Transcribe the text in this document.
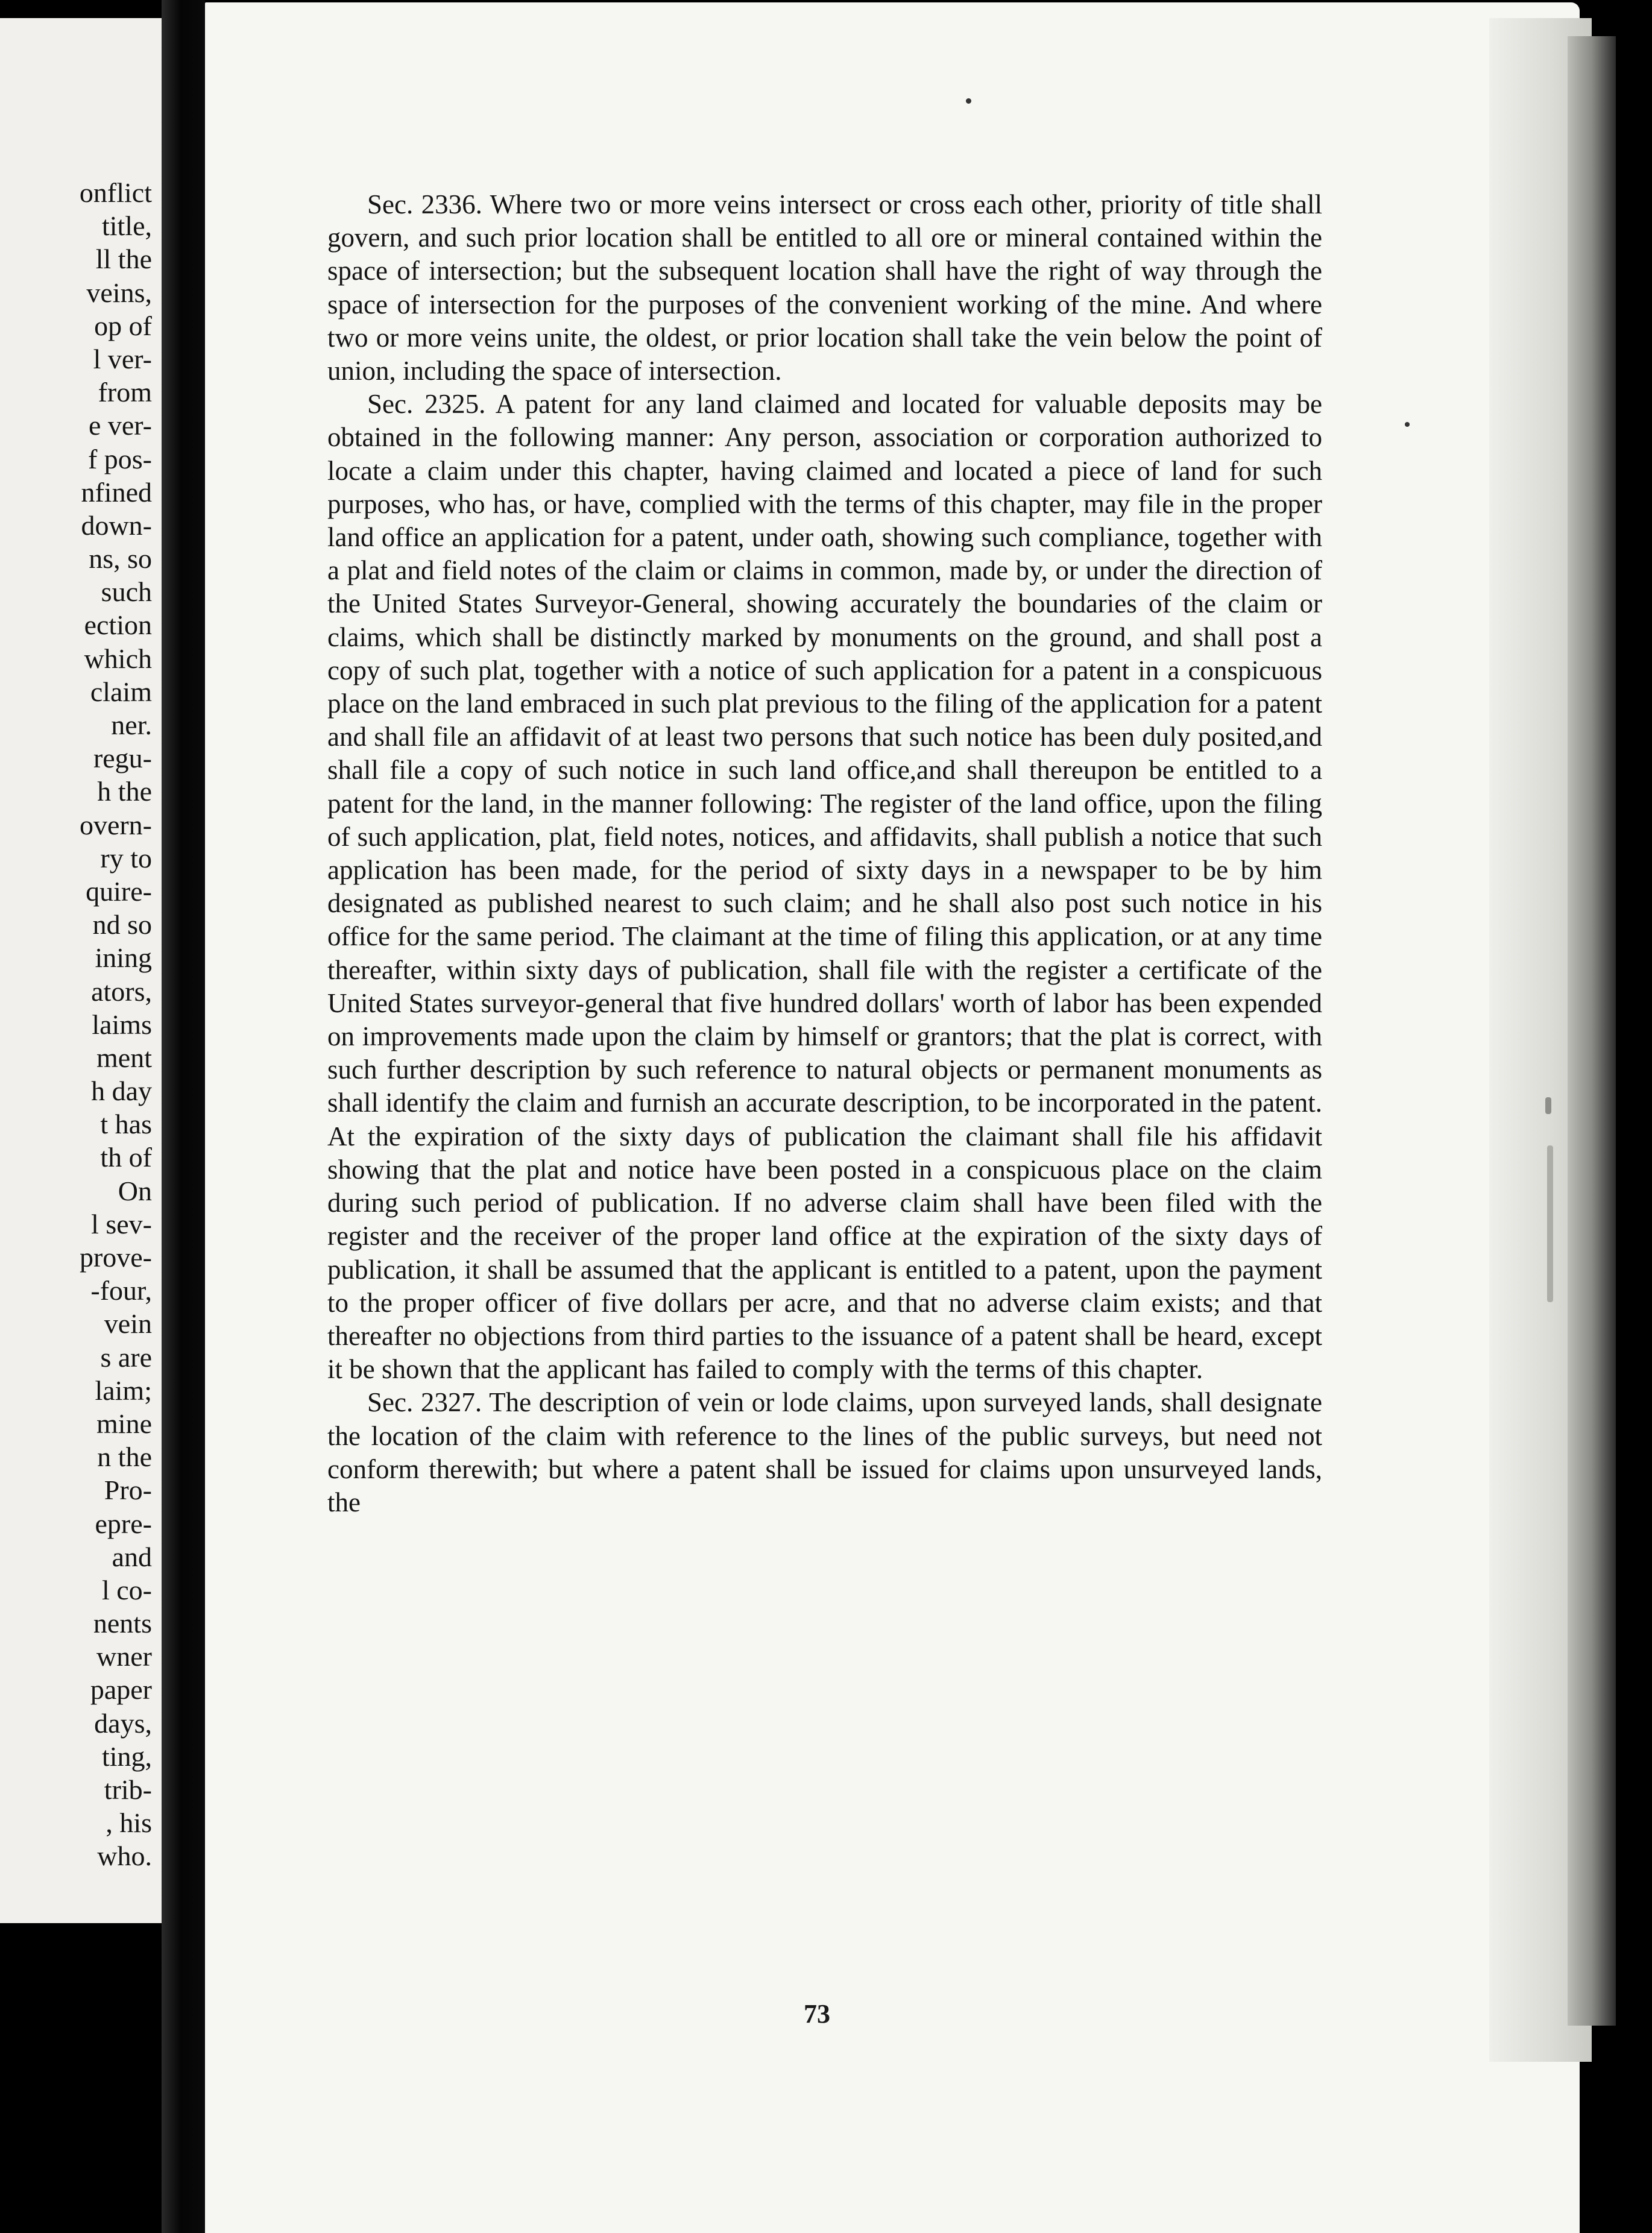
onflict
title,
ll the
veins,
op of
l ver-
from
e ver-
f pos-
nfined
down-
ns, so
such
ection
which
claim
ner.
regu-
h the
overn-
ry to
quire-
nd so
ining
ators,
laims
ment
h day
t has
th of
On
l sev-
prove-
-four,
vein
s are
laim;
mine
n the
Pro-
epre-
and
l co-
nents
wner
paper
days,
ting,
trib-
, his
who.

Sec. 2336. Where two or more veins intersect or cross each other, priority of title shall govern, and such prior location shall be entitled to all ore or mineral contained within the space of intersection; but the subsequent location shall have the right of way through the space of intersection for the purposes of the convenient working of the mine. And where two or more veins unite, the oldest, or prior location shall take the vein below the point of union, including the space of intersection.

Sec. 2325. A patent for any land claimed and located for valuable deposits may be obtained in the following manner: Any person, association or corporation authorized to locate a claim under this chapter, having claimed and located a piece of land for such purposes, who has, or have, complied with the terms of this chapter, may file in the proper land office an application for a patent, under oath, showing such compliance, together with a plat and field notes of the claim or claims in common, made by, or under the direction of the United States Surveyor-General, showing accurately the boundaries of the claim or claims, which shall be distinctly marked by monuments on the ground, and shall post a copy of such plat, together with a notice of such application for a patent in a conspicuous place on the land embraced in such plat previous to the filing of the application for a patent and shall file an affidavit of at least two persons that such notice has been duly posited,and shall file a copy of such notice in such land office,and shall thereupon be entitled to a patent for the land, in the manner following: The register of the land office, upon the filing of such application, plat, field notes, notices, and affidavits, shall publish a notice that such application has been made, for the period of sixty days in a newspaper to be by him designated as published nearest to such claim; and he shall also post such notice in his office for the same period. The claimant at the time of filing this application, or at any time thereafter, within sixty days of publication, shall file with the register a certificate of the United States surveyor-general that five hundred dollars' worth of labor has been expended on improvements made upon the claim by himself or grantors; that the plat is correct, with such further description by such reference to natural objects or permanent monuments as shall identify the claim and furnish an accurate description, to be incorporated in the patent. At the expiration of the sixty days of publication the claimant shall file his affidavit showing that the plat and notice have been posted in a conspicuous place on the claim during such period of publication. If no adverse claim shall have been filed with the register and the receiver of the proper land office at the expiration of the sixty days of publication, it shall be assumed that the applicant is entitled to a patent, upon the payment to the proper officer of five dollars per acre, and that no adverse claim exists; and that thereafter no objections from third parties to the issuance of a patent shall be heard, except it be shown that the applicant has failed to comply with the terms of this chapter.

Sec. 2327. The description of vein or lode claims, upon surveyed lands, shall designate the location of the claim with reference to the lines of the public surveys, but need not conform therewith; but where a patent shall be issued for claims upon unsurveyed lands, the

73
